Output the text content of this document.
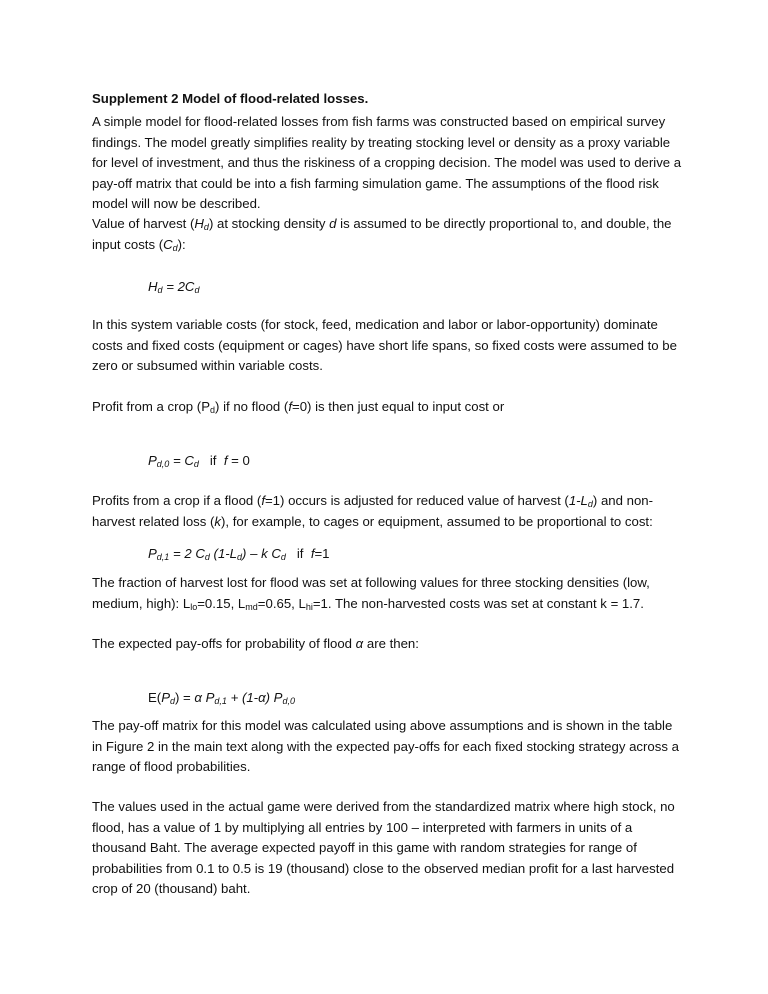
Supplement 2 Model of flood-related losses.

A simple model for flood-related losses from fish farms was constructed based on empirical survey findings. The model greatly simplifies reality by treating stocking level or density as a proxy variable for level of investment, and thus the riskiness of a cropping decision. The model was used to derive a pay-off matrix that could be into a fish farming simulation game. The assumptions of the flood risk model will now be described.

Value of harvest $(H_d)$ at stocking density d is assumed to be directly proportional to, and double, the input costs $(C_d)$:

$H_d = 2C_d$

In this system variable costs (for stock, feed, medication and labor or labor-opportunity) dominate costs and fixed costs (equipment or cages) have short life spans, so fixed costs were assumed to be zero or subsumed within variable costs.

Profit from a crop $(P_d)$ if no flood (f=0) is then just equal to input cost or

$P_{d,0} = C_d$   if  f = 0

Profits from a crop if a flood (f=1) occurs is adjusted for reduced value of harvest $(1-L_d)$ and non-harvest related loss (k), for example, to cages or equipment, assumed to be proportional to cost:

$P_{d,1} = 2$ $C_d$ $(1-L_d)$ – k $C_d$   if  f=1

The fraction of harvest lost for flood was set at following values for three stocking densities (low, medium, high): $L_{lo}=0.15$, $L_{md}=0.65$, $L_{hi}=1$. The non-harvested costs was set at constant k = 1.7.

The expected pay-offs for probability of flood α are then:

$E(P_d) = \alpha$ $P_{d,1} + (1-\alpha)$ $P_{d,0}$

The pay-off matrix for this model was calculated using above assumptions and is shown in the table in Figure 2 in the main text along with the expected pay-offs for each fixed stocking strategy across a range of flood probabilities.

The values used in the actual game were derived from the standardized matrix where high stock, no flood, has a value of 1 by multiplying all entries by 100 – interpreted with farmers in units of a thousand Baht. The average expected payoff in this game with random strategies for range of probabilities from 0.1 to 0.5 is 19 (thousand) close to the observed median profit for a last harvested crop of 20 (thousand) baht.
